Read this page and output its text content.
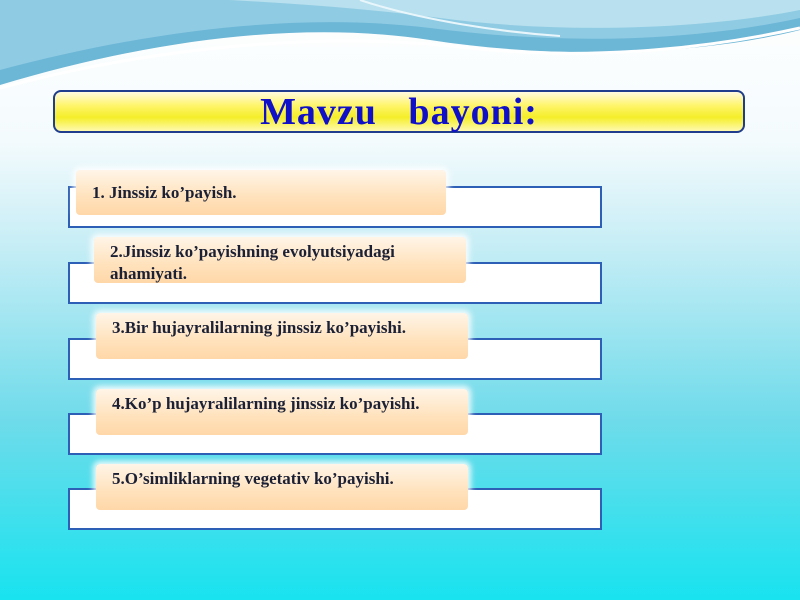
Mavzu   bayoni:
1. Jinssiz ko’payish.
2.Jinssiz ko’payishning evolyutsiyadagi ahamiyati.
3.Bir hujayralilarning jinssiz ko’payishi.
4.Ko’p hujayralilarning jinssiz ko’payishi.
5.O’simliklarning vegetativ ko’payishi.
